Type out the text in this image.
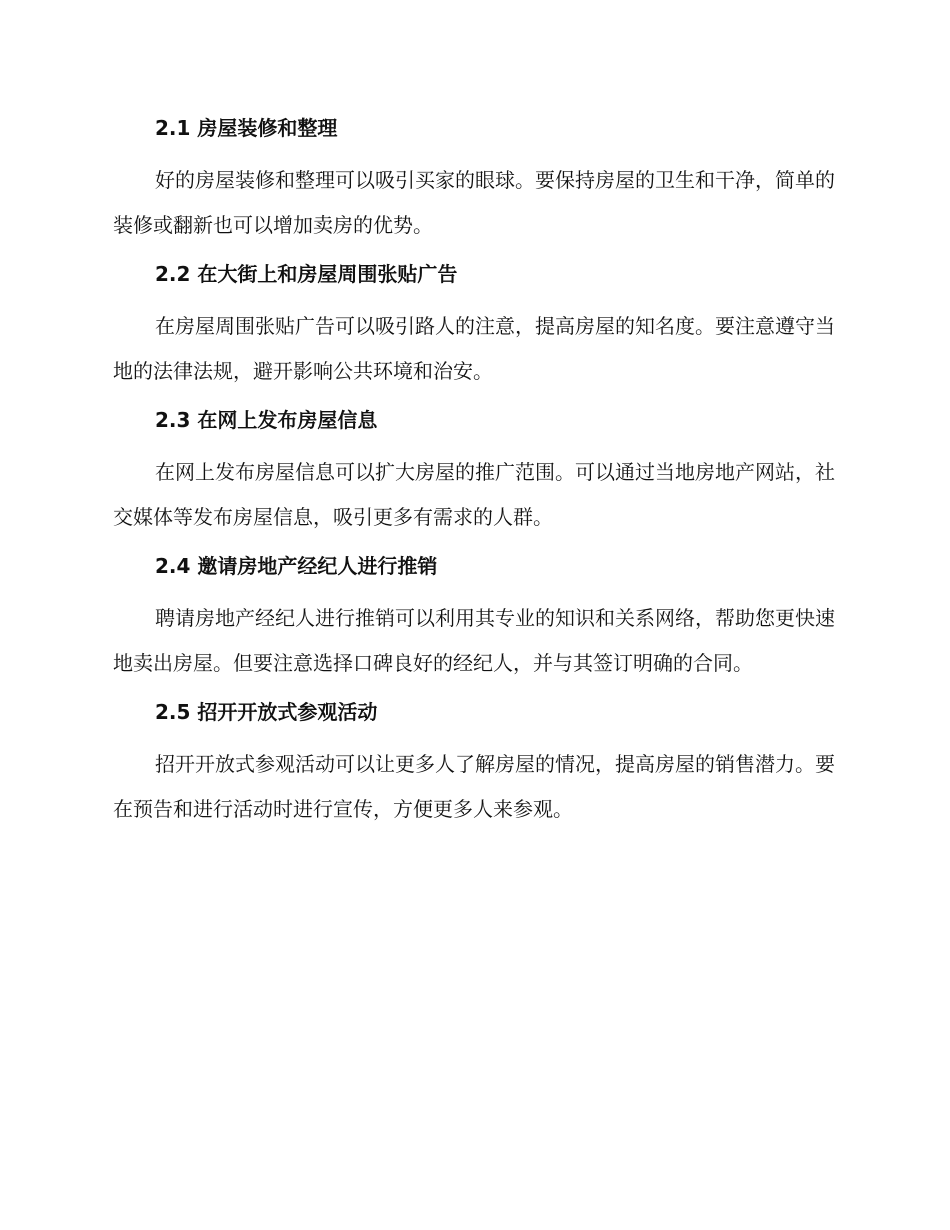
2.1 房屋装修和整理

好的房屋装修和整理可以吸引买家的眼球。要保持房屋的卫生和干净，简单的装修或翻新也可以增加卖房的优势。

2.2 在大街上和房屋周围张贴广告

在房屋周围张贴广告可以吸引路人的注意，提高房屋的知名度。要注意遵守当地的法律法规，避开影响公共环境和治安。

2.3 在网上发布房屋信息

在网上发布房屋信息可以扩大房屋的推广范围。可以通过当地房地产网站，社交媒体等发布房屋信息，吸引更多有需求的人群。

2.4 邀请房地产经纪人进行推销

聘请房地产经纪人进行推销可以利用其专业的知识和关系网络，帮助您更快速地卖出房屋。但要注意选择口碑良好的经纪人，并与其签订明确的合同。

2.5 招开开放式参观活动

招开开放式参观活动可以让更多人了解房屋的情况，提高房屋的销售潜力。要在预告和进行活动时进行宣传，方便更多人来参观。
